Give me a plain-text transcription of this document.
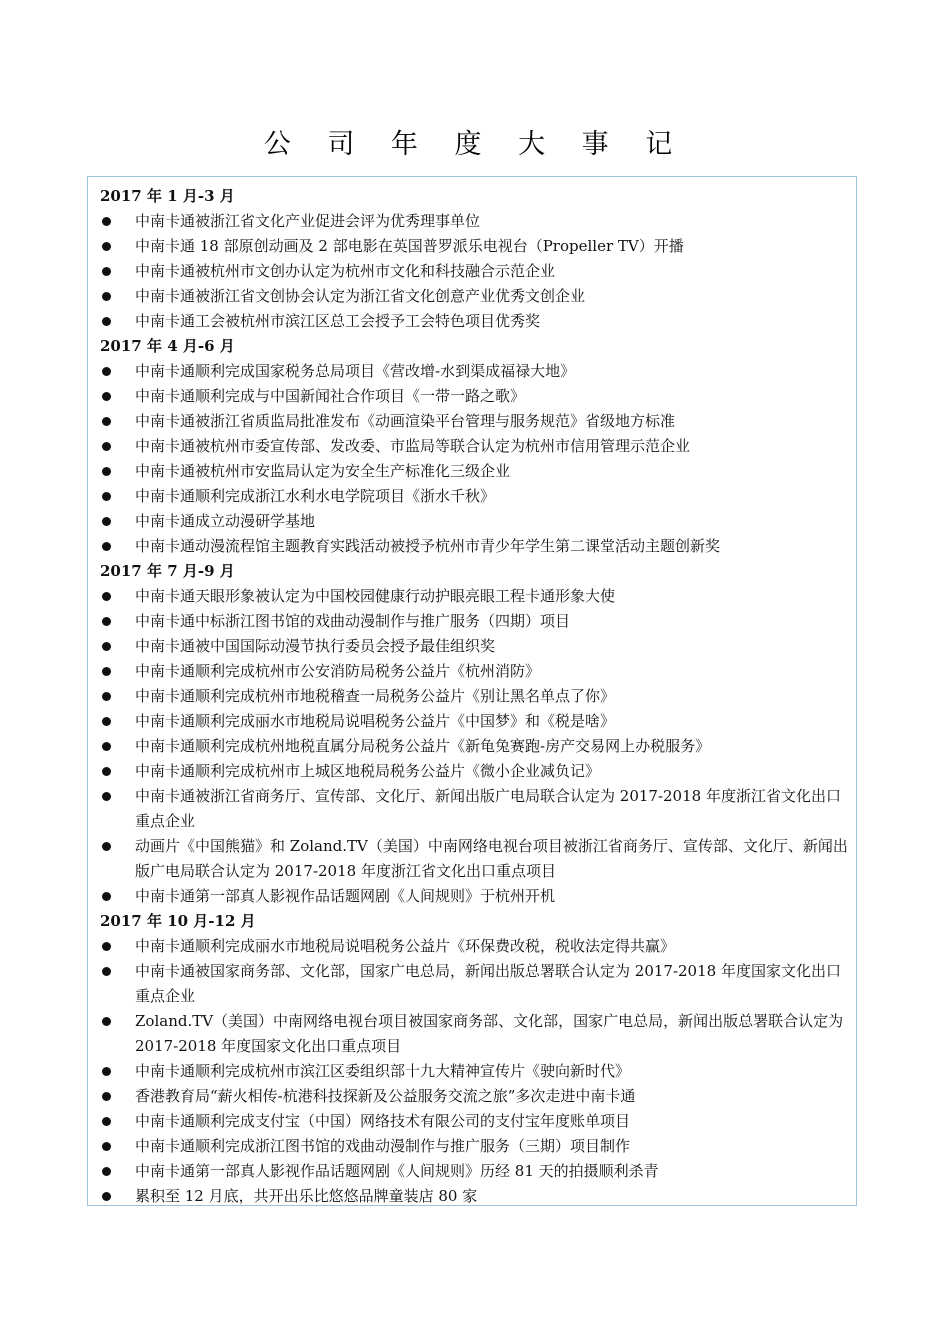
公 司 年 度 大 事 记
2017 年 1 月-3 月
中南卡通被浙江省文化产业促进会评为优秀理事单位
中南卡通 18 部原创动画及 2 部电影在英国普罗派乐电视台（Propeller TV）开播
中南卡通被杭州市文创办认定为杭州市文化和科技融合示范企业
中南卡通被浙江省文创协会认定为浙江省文化创意产业优秀文创企业
中南卡通工会被杭州市滨江区总工会授予工会特色项目优秀奖
2017 年 4 月-6 月
中南卡通顺利完成国家税务总局项目《营改增-水到渠成福禄大地》
中南卡通顺利完成与中国新闻社合作项目《一带一路之歌》
中南卡通被浙江省质监局批准发布《动画渲染平台管理与服务规范》省级地方标准
中南卡通被杭州市委宣传部、发改委、市监局等联合认定为杭州市信用管理示范企业
中南卡通被杭州市安监局认定为安全生产标准化三级企业
中南卡通顺利完成浙江水利水电学院项目《浙水千秋》
中南卡通成立动漫研学基地
中南卡通动漫流程馆主题教育实践活动被授予杭州市青少年学生第二课堂活动主题创新奖
2017 年 7 月-9 月
中南卡通天眼形象被认定为中国校园健康行动护眼亮眼工程卡通形象大使
中南卡通中标浙江图书馆的戏曲动漫制作与推广服务（四期）项目
中南卡通被中国国际动漫节执行委员会授予最佳组织奖
中南卡通顺利完成杭州市公安消防局税务公益片《杭州消防》
中南卡通顺利完成杭州市地税稽查一局税务公益片《别让黑名单点了你》
中南卡通顺利完成丽水市地税局说唱税务公益片《中国梦》和《税是啥》
中南卡通顺利完成杭州地税直属分局税务公益片《新龟兔赛跑-房产交易网上办税服务》
中南卡通顺利完成杭州市上城区地税局税务公益片《微小企业减负记》
中南卡通被浙江省商务厅、宣传部、文化厅、新闻出版广电局联合认定为 2017-2018 年度浙江省文化出口重点企业
动画片《中国熊猫》和 Zoland.TV（美国）中南网络电视台项目被浙江省商务厅、宣传部、文化厅、新闻出版广电局联合认定为 2017-2018 年度浙江省文化出口重点项目
中南卡通第一部真人影视作品话题网剧《人间规则》于杭州开机
2017 年 10 月-12 月
中南卡通顺利完成丽水市地税局说唱税务公益片《环保费改税，税收法定得共赢》
中南卡通被国家商务部、文化部，国家广电总局，新闻出版总署联合认定为 2017-2018 年度国家文化出口重点企业
Zoland.TV（美国）中南网络电视台项目被国家商务部、文化部，国家广电总局，新闻出版总署联合认定为 2017-2018 年度国家文化出口重点项目
中南卡通顺利完成杭州市滨江区委组织部十九大精神宣传片《驶向新时代》
香港教育局“薪火相传-杭港科技探新及公益服务交流之旅”多次走进中南卡通
中南卡通顺利完成支付宝（中国）网络技术有限公司的支付宝年度账单项目
中南卡通顺利完成浙江图书馆的戏曲动漫制作与推广服务（三期）项目制作
中南卡通第一部真人影视作品话题网剧《人间规则》历经 81 天的拍摄顺利杀青
累积至 12 月底，共开出乐比悠悠品牌童装店 80 家
